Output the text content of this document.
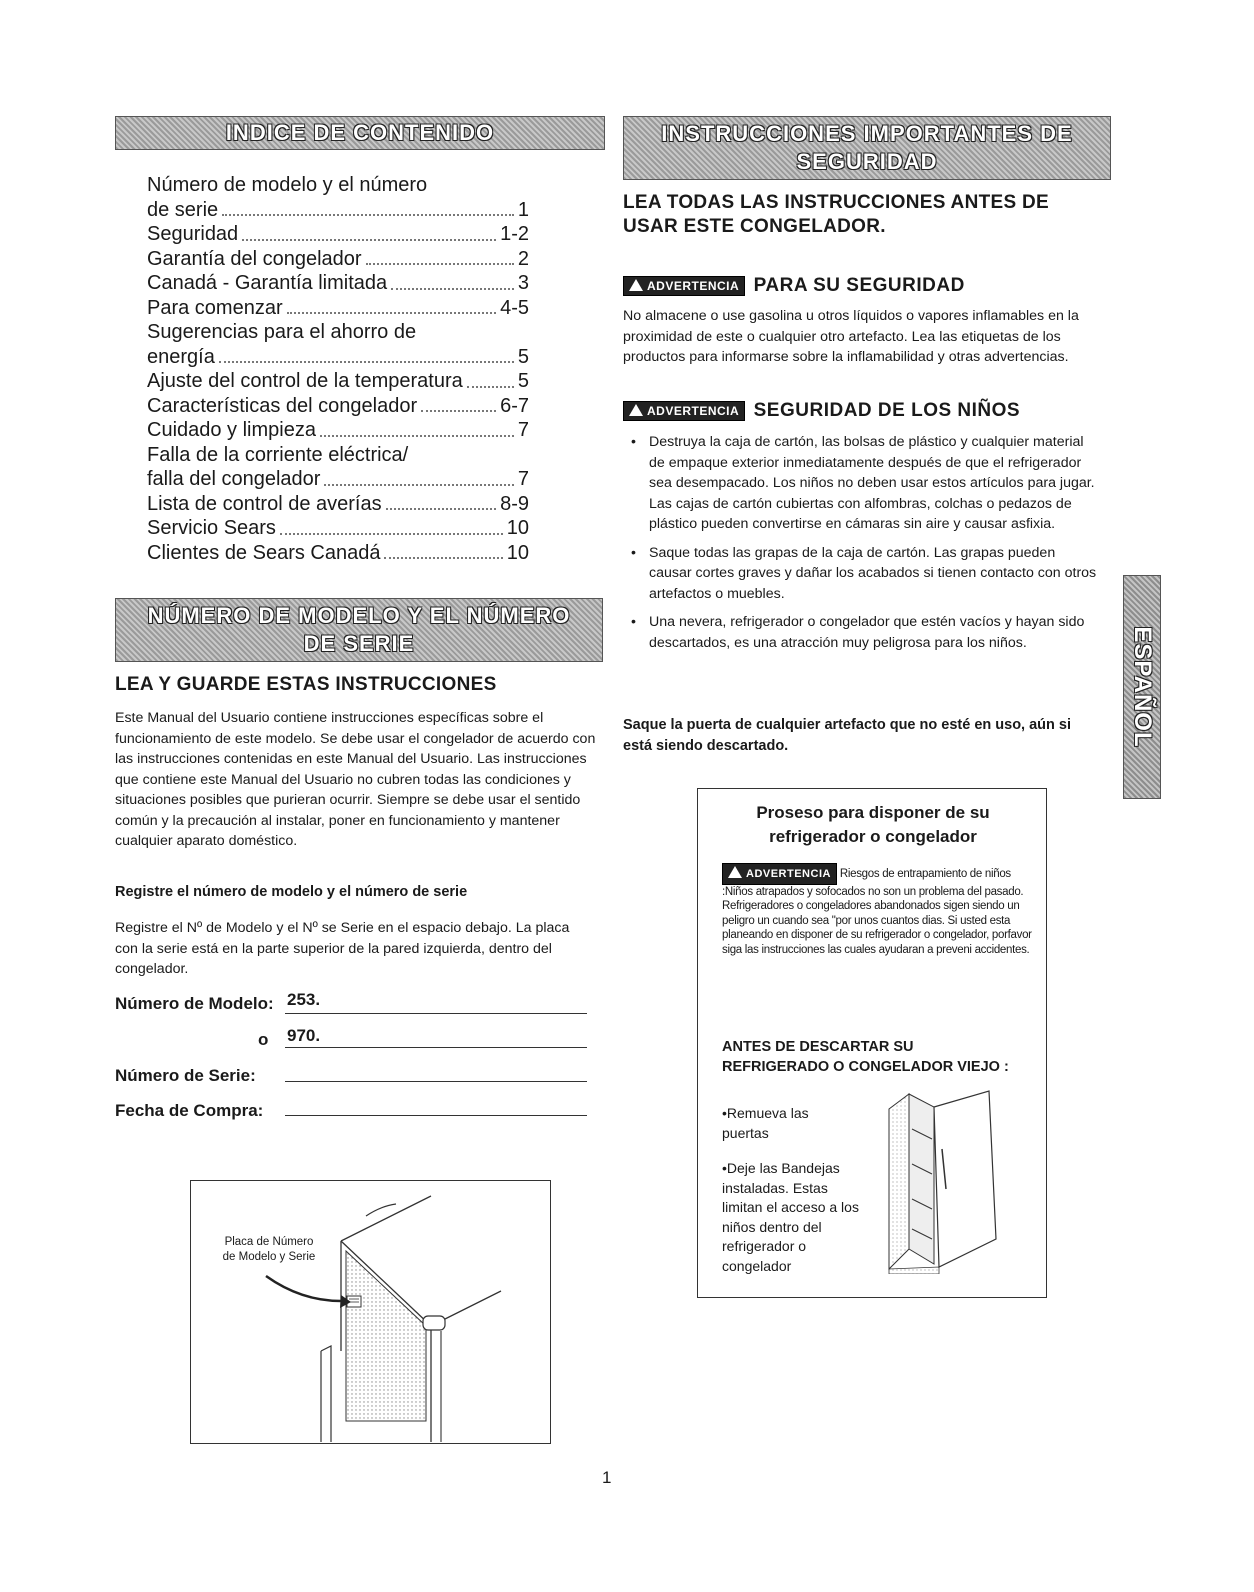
INDICE DE CONTENIDO
Número de modelo y el número
de serie	1
Seguridad	1-2
Garantía del congelador	2
Canadá - Garantía limitada	3
Para comenzar	4-5
Sugerencias para el ahorro de
energía	5
Ajuste del control de la temperatura	5
Características del congelador	6-7
Cuidado y limpieza	7
Falla de la corriente eléctrica/
falla del congelador	7
Lista de control de averías	8-9
Servicio Sears	10
Clientes de Sears Canadá	10
NÚMERO DE MODELO Y EL NÚMERO
DE SERIE
LEA Y GUARDE ESTAS INSTRUCCIONES
Este Manual del Usuario contiene instrucciones específicas sobre el funcionamiento de este modelo. Se debe usar el congelador de acuerdo con las instrucciones contenidas en este Manual del Usuario. Las instrucciones que contiene este Manual del Usuario no cubren todas las condiciones y situaciones posibles que purieran ocurrir. Siempre se debe usar el sentido común y la precaución al instalar, poner en funcionamiento y mantener cualquier aparato doméstico.
Registre el número de modelo y el número de serie
Registre el Nº de Modelo y el Nº se Serie en el espacio debajo. La placa con la serie está en la parte superior de la pared izquierda, dentro del congelador.
Número de Modelo: 253.
o 970.
Número de Serie:
Fecha de Compra:
Placa de Número
de Modelo y Serie
INSTRUCCIONES IMPORTANTES DE
SEGURIDAD
LEA TODAS LAS INSTRUCCIONES ANTES DE USAR ESTE CONGELADOR.
ADVERTENCIA PARA SU SEGURIDAD
No almacene o use gasolina u otros líquidos o vapores inflamables en la proximidad de este o cualquier otro artefacto. Lea las etiquetas de los productos para informarse sobre la inflamabilidad y otras advertencias.
ADVERTENCIA SEGURIDAD DE LOS NIÑOS
• Destruya la caja de cartón, las bolsas de plástico y cualquier material de empaque exterior inmediatamente después de que el refrigerador sea desempacado. Los niños no deben usar estos artículos para jugar. Las cajas de cartón cubiertas con alfombras, colchas o pedazos de plástico pueden convertirse en cámaras sin aire y causar asfixia.
• Saque todas las grapas de la caja de cartón. Las grapas pueden causar cortes graves y dañar los acabados si tienen contacto con otros artefactos o muebles.
• Una nevera, refrigerador o congelador que estén vacíos y hayan sido descartados, es una atracción muy peligrosa para los niños.
Saque la puerta de cualquier artefacto que no esté en uso, aún si está siendo descartado.
Proseso para disponer de su refrigerador o congelador
ADVERTENCIA Riesgos de entrapamiento de niños :Niños atrapados y sofocados no son un problema del pasado. Refrigeradores o congeladores abandonados sigen siendo un peligro un cuando sea "por unos cuantos dias. Si usted esta planeando en disponer de su refrigerador o congelador, porfavor siga las instrucciones las cuales ayudaran a preveni accidentes.
ANTES DE DESCARTAR SU REFRIGERADO O CONGELADOR VIEJO :
•Remueva las puertas
•Deje las Bandejas instaladas. Estas limitan el acceso a los niños dentro del refrigerador o congelador
ESPAÑOL
1
